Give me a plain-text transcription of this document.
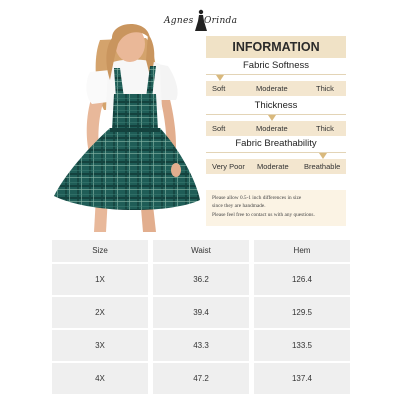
Agnes Orinda
INFORMATION
Fabric Softness
Soft	Moderate	Thick
Thickness
Soft	Moderate	Thick
Fabric Breathability
Very Poor Moderate Breathable

Please allow 0.5-1 inch differences in size

since they are handmade.

Please feel free to contact us with any questions.

Size	Waist	Hem
1X	36.2	126.4
2X	39.4	129.5
3X	43.3	133.5
4X	47.2	137.4
